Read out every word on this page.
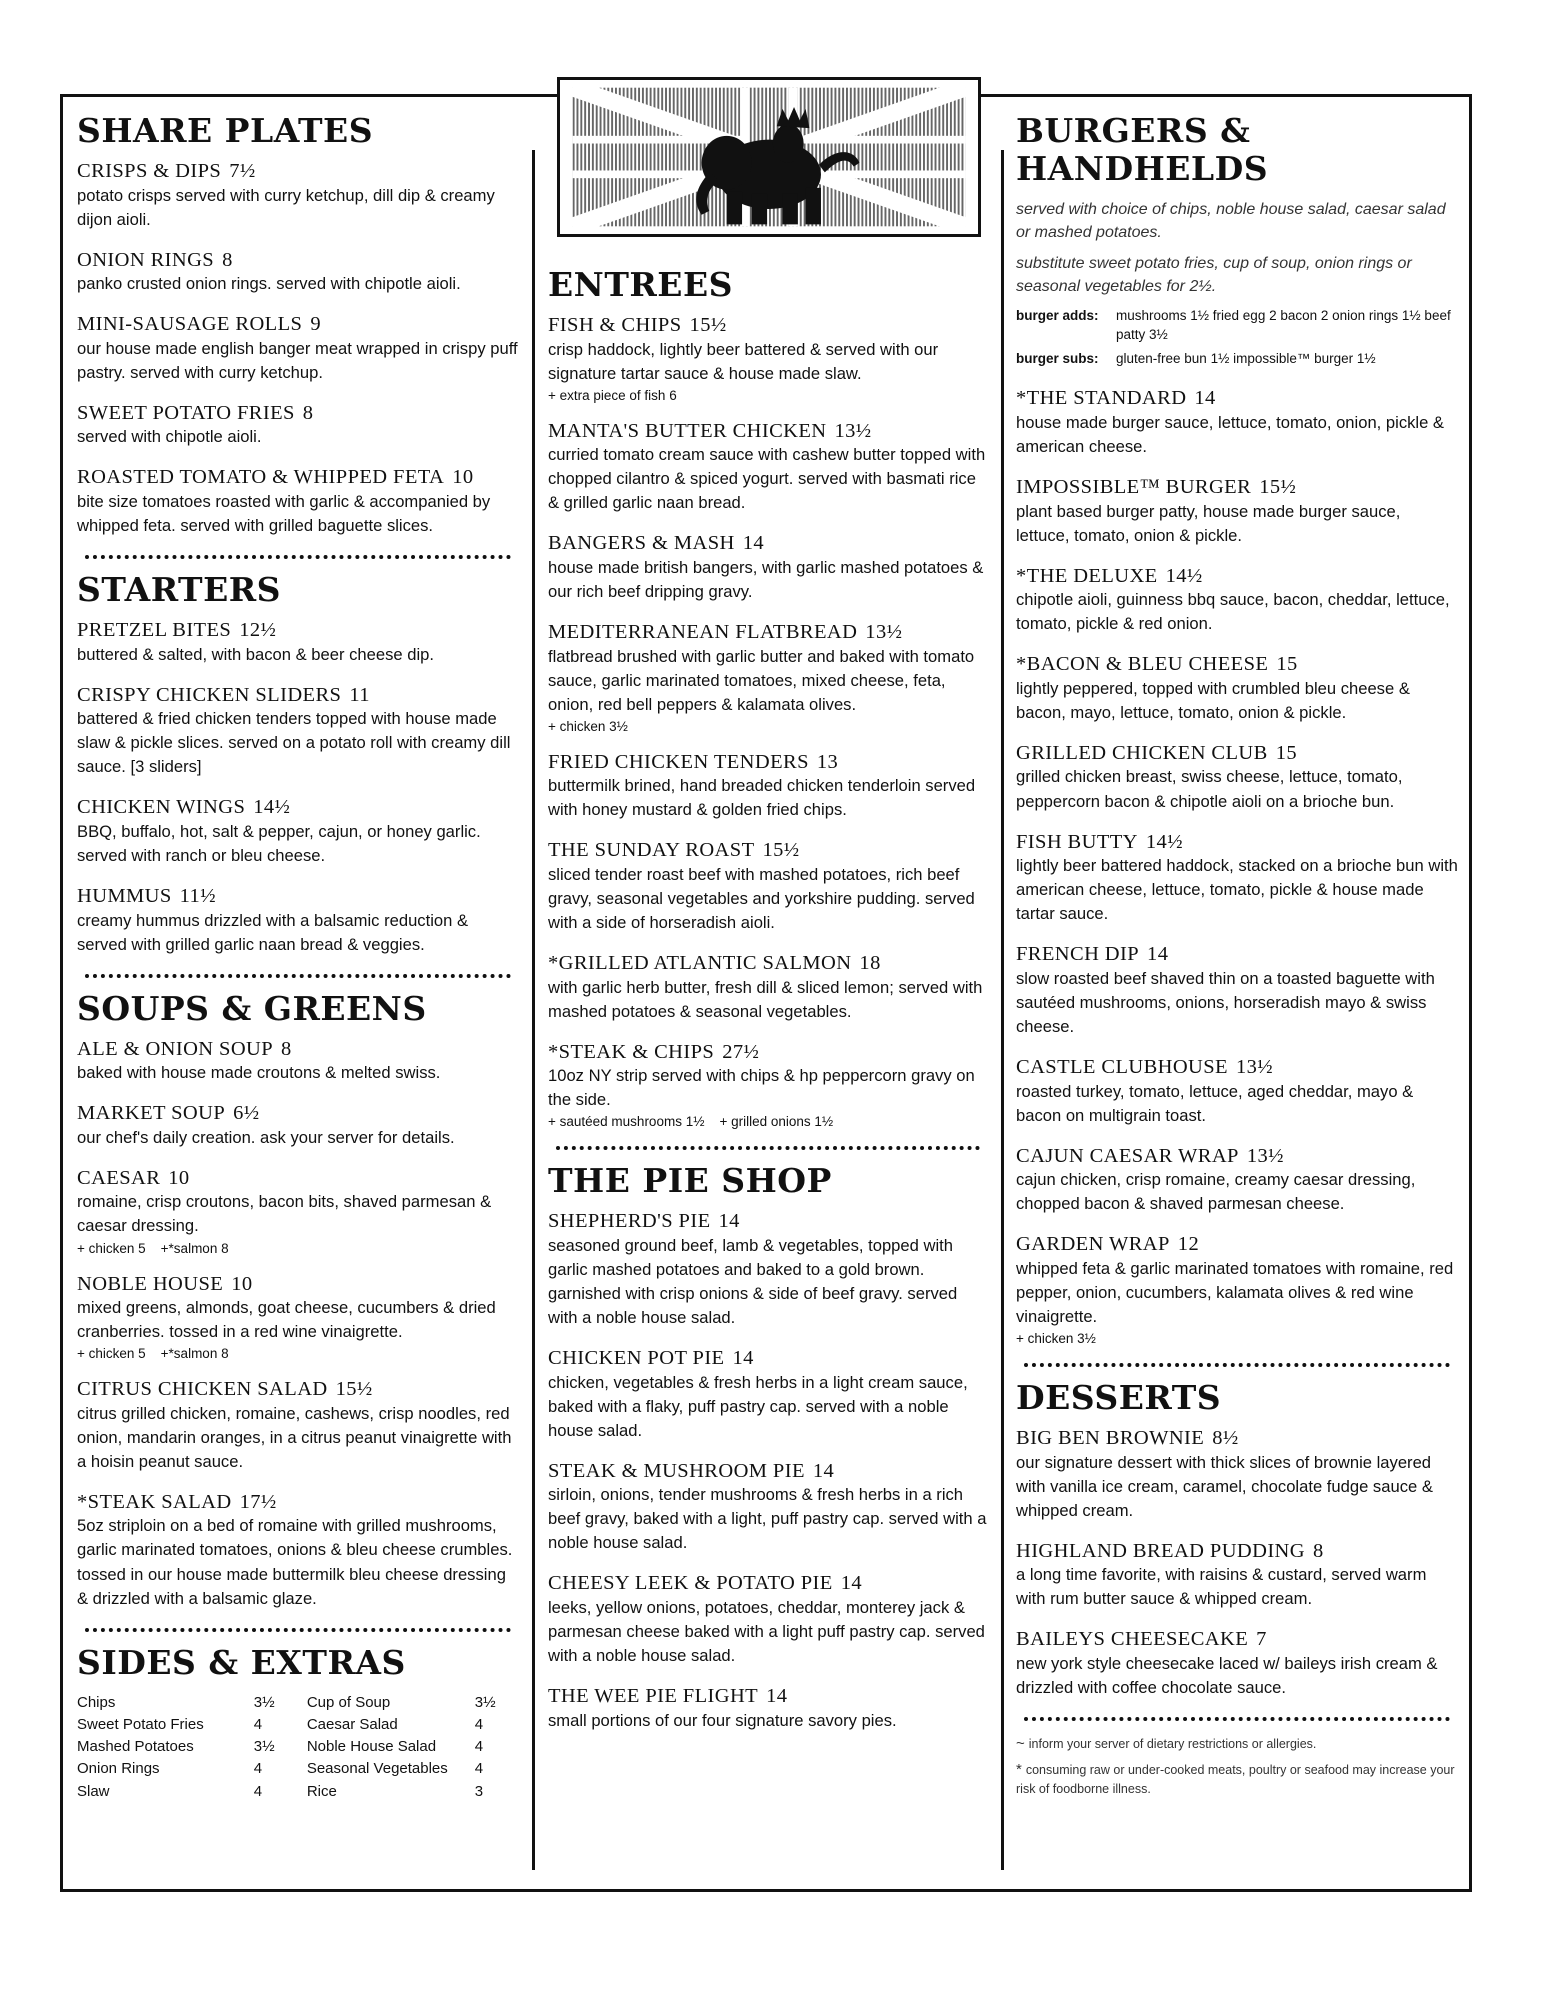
SHARE PLATES
CRISPS & DIPS 7½
potato crisps served with curry ketchup, dill dip & creamy dijon aioli.
ONION RINGS 8
panko crusted onion rings. served with chipotle aioli.
MINI-SAUSAGE ROLLS 9
our house made english banger meat wrapped in crispy puff pastry. served with curry ketchup.
SWEET POTATO FRIES 8
served with chipotle aioli.
ROASTED TOMATO & WHIPPED FETA 10
bite size tomatoes roasted with garlic & accompanied by whipped feta. served with grilled baguette slices.
STARTERS
PRETZEL BITES 12½
buttered & salted, with bacon & beer cheese dip.
CRISPY CHICKEN SLIDERS 11
battered & fried chicken tenders topped with house made slaw & pickle slices. served on a potato roll with creamy dill sauce. [3 sliders]
CHICKEN WINGS 14½
BBQ, buffalo, hot, salt & pepper, cajun, or honey garlic. served with ranch or bleu cheese.
HUMMUS 11½
creamy hummus drizzled with a balsamic reduction & served with grilled garlic naan bread & veggies.
SOUPS & GREENS
ALE & ONION SOUP 8
baked with house made croutons & melted swiss.
MARKET SOUP 6½
our chef's daily creation. ask your server for details.
CAESAR 10
romaine, crisp croutons, bacon bits, shaved parmesan & caesar dressing.
+ chicken 5    +*salmon 8
NOBLE HOUSE 10
mixed greens, almonds, goat cheese, cucumbers & dried cranberries. tossed in a red wine vinaigrette.
+ chicken 5    +*salmon 8
CITRUS CHICKEN SALAD 15½
citrus grilled chicken, romaine, cashews, crisp noodles, red onion, mandarin oranges, in a citrus peanut vinaigrette with a hoisin peanut sauce.
*STEAK SALAD 17½
5oz striploin on a bed of romaine with grilled mushrooms, garlic marinated tomatoes, onions & bleu cheese crumbles. tossed in our house made buttermilk bleu cheese dressing & drizzled with a balsamic glaze.
SIDES & EXTRAS
Chips	3½	Cup of Soup	3½
Sweet Potato Fries	4	Caesar Salad	4
Mashed Potatoes	3½	Noble House Salad	4
Onion Rings	4	Seasonal Vegetables	4
Slaw	4	Rice	3
ENTREES
FISH & CHIPS 15½
crisp haddock, lightly beer battered & served with our signature tartar sauce & house made slaw.
+ extra piece of fish 6
MANTA'S BUTTER CHICKEN 13½
curried tomato cream sauce with cashew butter topped with chopped cilantro & spiced yogurt. served with basmati rice & grilled garlic naan bread.
BANGERS & MASH 14
house made british bangers, with garlic mashed potatoes & our rich beef dripping gravy.
MEDITERRANEAN FLATBREAD 13½
flatbread brushed with garlic butter and baked with tomato sauce, garlic marinated tomatoes, mixed cheese, feta, onion, red bell peppers & kalamata olives.
+ chicken 3½
FRIED CHICKEN TENDERS 13
buttermilk brined, hand breaded chicken tenderloin served with honey mustard & golden fried chips.
THE SUNDAY ROAST 15½
sliced tender roast beef with mashed potatoes, rich beef gravy, seasonal vegetables and yorkshire pudding. served with a side of horseradish aioli.
*GRILLED ATLANTIC SALMON 18
with garlic herb butter, fresh dill & sliced lemon; served with mashed potatoes & seasonal vegetables.
*STEAK & CHIPS 27½
10oz NY strip served with chips & hp peppercorn gravy on the side.
+ sautéed mushrooms 1½    + grilled onions 1½
THE PIE SHOP
SHEPHERD'S PIE 14
seasoned ground beef, lamb & vegetables, topped with garlic mashed potatoes and baked to a gold brown. garnished with crisp onions & side of beef gravy. served with a noble house salad.
CHICKEN POT PIE 14
chicken, vegetables & fresh herbs in a light cream sauce, baked with a flaky, puff pastry cap. served with a noble house salad.
STEAK & MUSHROOM PIE 14
sirloin, onions, tender mushrooms & fresh herbs in a rich beef gravy, baked with a light, puff pastry cap. served with a noble house salad.
CHEESY LEEK & POTATO PIE 14
leeks, yellow onions, potatoes, cheddar, monterey jack & parmesan cheese baked with a light puff pastry cap. served with a noble house salad.
THE WEE PIE FLIGHT 14
small portions of our four signature savory pies.
BURGERS & HANDHELDS
served with choice of chips, noble house salad, caesar salad or mashed potatoes.
substitute sweet potato fries, cup of soup, onion rings or seasonal vegetables for 2½.
burger adds:	mushrooms 1½ fried egg 2 bacon 2 onion rings 1½ beef patty 3½
burger subs:	gluten-free bun 1½ impossible™ burger 1½
*THE STANDARD 14
house made burger sauce, lettuce, tomato, onion, pickle & american cheese.
IMPOSSIBLE™ BURGER 15½
plant based burger patty, house made burger sauce, lettuce, tomato, onion & pickle.
*THE DELUXE 14½
chipotle aioli, guinness bbq sauce, bacon, cheddar, lettuce, tomato, pickle & red onion.
*BACON & BLEU CHEESE 15
lightly peppered, topped with crumbled bleu cheese & bacon, mayo, lettuce, tomato, onion & pickle.
GRILLED CHICKEN CLUB 15
grilled chicken breast, swiss cheese, lettuce, tomato, peppercorn bacon & chipotle aioli on a brioche bun.
FISH BUTTY 14½
lightly beer battered haddock, stacked on a brioche bun with american cheese, lettuce, tomato, pickle & house made tartar sauce.
FRENCH DIP 14
slow roasted beef shaved thin on a toasted baguette with sautéed mushrooms, onions, horseradish mayo & swiss cheese.
CASTLE CLUBHOUSE 13½
roasted turkey, tomato, lettuce, aged cheddar, mayo & bacon on multigrain toast.
CAJUN CAESAR WRAP 13½
cajun chicken, crisp romaine, creamy caesar dressing, chopped bacon & shaved parmesan cheese.
GARDEN WRAP 12
whipped feta & garlic marinated tomatoes with romaine, red pepper, onion, cucumbers, kalamata olives & red wine vinaigrette.
+ chicken 3½
DESSERTS
BIG BEN BROWNIE 8½
our signature dessert with thick slices of brownie layered with vanilla ice cream, caramel, chocolate fudge sauce & whipped cream.
HIGHLAND BREAD PUDDING 8
a long time favorite, with raisins & custard, served warm with rum butter sauce & whipped cream.
BAILEYS CHEESECAKE 7
new york style cheesecake laced w/ baileys irish cream & drizzled with coffee chocolate sauce.
~ inform your server of dietary restrictions or allergies.
* consuming raw or under-cooked meats, poultry or seafood may increase your risk of foodborne illness.
